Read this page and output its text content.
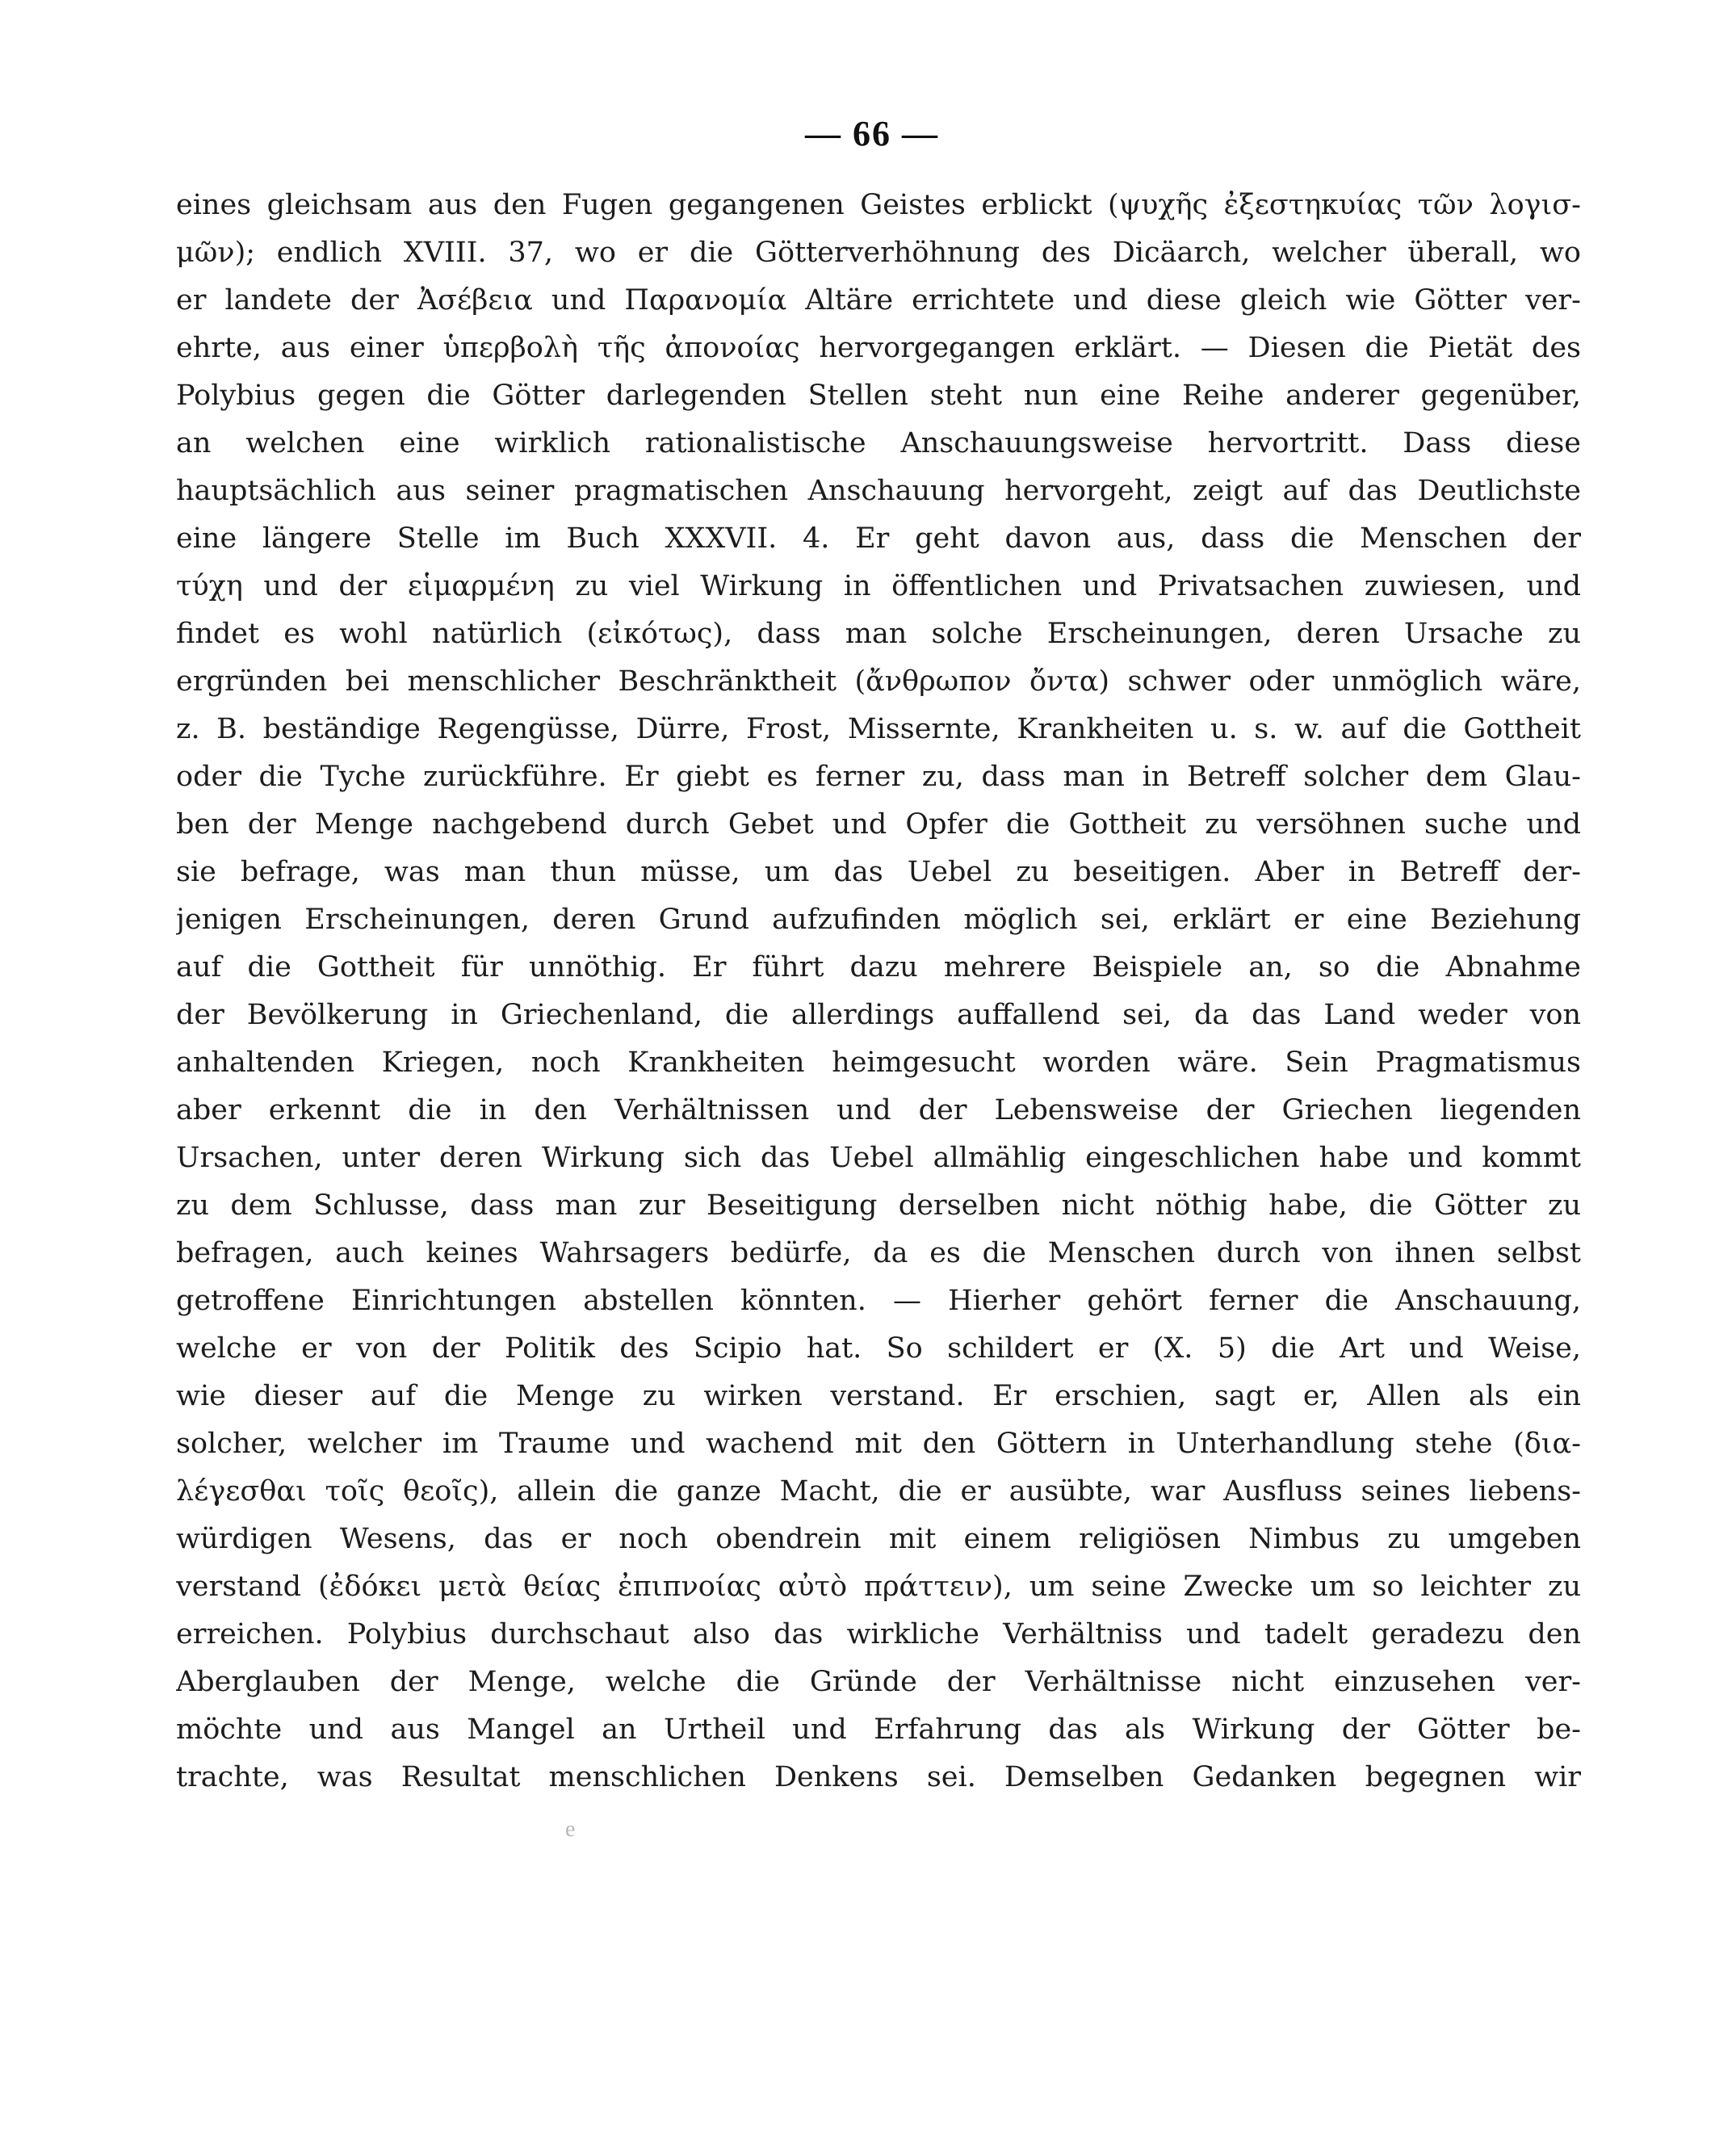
— 66 —
eines gleichsam aus den Fugen gegangenen Geistes erblickt (ψυχῆς ἐξεστηκυίας τῶν λογισ-
μῶν); endlich XVIII. 37, wo er die Götterverhöhnung des Dicäarch, welcher überall, wo
er landete der Ἀσέβεια und Παρανομία Altäre errichtete und diese gleich wie Götter ver-
ehrte, aus einer ὑπερβολὴ τῆς ἀπονοίας hervorgegangen erklärt. — Diesen die Pietät des
Polybius gegen die Götter darlegenden Stellen steht nun eine Reihe anderer gegenüber,
an welchen eine wirklich rationalistische Anschauungsweise hervortritt. Dass diese
hauptsächlich aus seiner pragmatischen Anschauung hervorgeht, zeigt auf das Deutlichste
eine längere Stelle im Buch XXXVII. 4. Er geht davon aus, dass die Menschen der
τύχη und der εἱμαρμένη zu viel Wirkung in öffentlichen und Privatsachen zuwiesen, und
findet es wohl natürlich (εἰκότως), dass man solche Erscheinungen, deren Ursache zu
ergründen bei menschlicher Beschränktheit (ἄνθρωπον ὄντα) schwer oder unmöglich wäre,
z. B. beständige Regengüsse, Dürre, Frost, Missernte, Krankheiten u. s. w. auf die Gottheit
oder die Tyche zurückführe. Er giebt es ferner zu, dass man in Betreff solcher dem Glau-
ben der Menge nachgebend durch Gebet und Opfer die Gottheit zu versöhnen suche und
sie befrage, was man thun müsse, um das Uebel zu beseitigen. Aber in Betreff der-
jenigen Erscheinungen, deren Grund aufzufinden möglich sei, erklärt er eine Beziehung
auf die Gottheit für unnöthig. Er führt dazu mehrere Beispiele an, so die Abnahme
der Bevölkerung in Griechenland, die allerdings auffallend sei, da das Land weder von
anhaltenden Kriegen, noch Krankheiten heimgesucht worden wäre. Sein Pragmatismus
aber erkennt die in den Verhältnissen und der Lebensweise der Griechen liegenden
Ursachen, unter deren Wirkung sich das Uebel allmählig eingeschlichen habe und kommt
zu dem Schlusse, dass man zur Beseitigung derselben nicht nöthig habe, die Götter zu
befragen, auch keines Wahrsagers bedürfe, da es die Menschen durch von ihnen selbst
getroffene Einrichtungen abstellen könnten. — Hierher gehört ferner die Anschauung,
welche er von der Politik des Scipio hat. So schildert er (X. 5) die Art und Weise,
wie dieser auf die Menge zu wirken verstand. Er erschien, sagt er, Allen als ein
solcher, welcher im Traume und wachend mit den Göttern in Unterhandlung stehe (δια-
λέγεσθαι τοῖς θεοῖς), allein die ganze Macht, die er ausübte, war Ausfluss seines liebens-
würdigen Wesens, das er noch obendrein mit einem religiösen Nimbus zu umgeben
verstand (ἐδόκει μετὰ θείας ἐπιπνοίας αὐτὸ πράττειν), um seine Zwecke um so leichter zu
erreichen. Polybius durchschaut also das wirkliche Verhältniss und tadelt geradezu den
Aberglauben der Menge, welche die Gründe der Verhältnisse nicht einzusehen ver-
möchte und aus Mangel an Urtheil und Erfahrung das als Wirkung der Götter be-
trachte, was Resultat menschlichen Denkens sei. Demselben Gedanken begegnen wir
e
